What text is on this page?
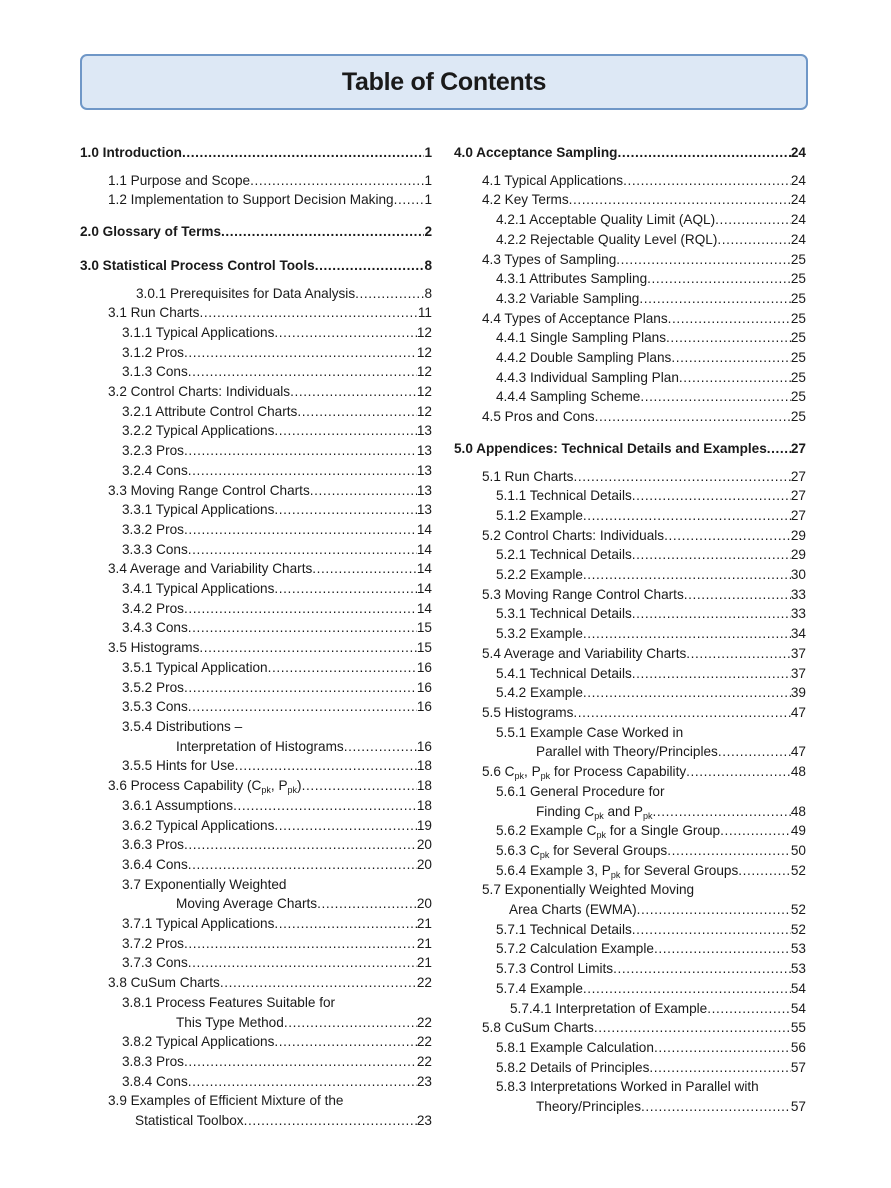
Table of Contents
1.0 Introduction .....	1
1.1 Purpose and Scope .....	1
1.2 Implementation to Support Decision Making ..... 1
2.0 Glossary of Terms .....	2
3.0 Statistical Process Control Tools .....	8
3.0.1 Prerequisites for Data Analysis .....	8
3.1 Run Charts .....	11
3.1.1 Typical Applications .....	12
3.1.2 Pros .....	12
3.1.3 Cons .....	12
3.2 Control Charts: Individuals .....	12
3.2.1 Attribute Control Charts .....	12
3.2.2 Typical Applications .....	13
3.2.3 Pros .....	13
3.2.4 Cons .....	13
3.3 Moving Range Control Charts .....	13
3.3.1 Typical Applications .....	13
3.3.2 Pros .....	14
3.3.3 Cons .....	14
3.4 Average and Variability Charts .....	14
3.4.1 Typical Applications .....	14
3.4.2 Pros .....	14
3.4.3 Cons .....	15
3.5 Histograms .....	15
3.5.1 Typical Application .....	16
3.5.2 Pros .....	16
3.5.3 Cons .....	16
3.5.4 Distributions –
Interpretation of Histograms .....	16
3.5.5 Hints for Use .....	18
3.6 Process Capability ($C_{pk}$, $P_{pk}$) .....	18
3.6.1 Assumptions .....	18
3.6.2 Typical Applications .....	19
3.6.3 Pros .....	20
3.6.4 Cons .....	20
3.7 Exponentially Weighted
Moving Average Charts .....	20
3.7.1 Typical Applications .....	21
3.7.2 Pros .....	21
3.7.3 Cons .....	21
3.8 CuSum Charts .....	22
3.8.1 Process Features Suitable for
This Type Method .....	22
3.8.2 Typical Applications .....	22
3.8.3 Pros .....	22
3.8.4 Cons .....	23
3.9 Examples of Efficient Mixture of the
Statistical Toolbox .....	23
4.0 Acceptance Sampling .....	24
4.1 Typical Applications .....	24
4.2 Key Terms .....	24
4.2.1 Acceptable Quality Limit (AQL) .....	24
4.2.2 Rejectable Quality Level (RQL) .....	24
4.3 Types of Sampling .....	25
4.3.1 Attributes Sampling .....	25
4.3.2 Variable Sampling .....	25
4.4 Types of Acceptance Plans .....	25
4.4.1 Single Sampling Plans .....	25
4.4.2 Double Sampling Plans .....	25
4.4.3 Individual Sampling Plan .....	25
4.4.4 Sampling Scheme .....	25
4.5 Pros and Cons .....	25
5.0 Appendices: Technical Details and Examples ..... 27
5.1 Run Charts .....	27
5.1.1 Technical Details .....	27
5.1.2 Example .....	27
5.2 Control Charts: Individuals .....	29
5.2.1 Technical Details .....	29
5.2.2 Example .....	30
5.3 Moving Range Control Charts .....	33
5.3.1 Technical Details .....	33
5.3.2 Example .....	34
5.4 Average and Variability Charts .....	37
5.4.1 Technical Details .....	37
5.4.2 Example .....	39
5.5 Histograms .....	47
5.5.1 Example Case Worked in
Parallel with Theory/Principles .....	47
5.6 $C_{pk}$, $P_{pk}$ for Process Capability .....	48
5.6.1 General Procedure for
Finding $C_{pk}$ and $P_{pk}$ .....	48
5.6.2 Example $C_{pk}$ for a Single Group .....	49
5.6.3 $C_{pk}$ for Several Groups .....	50
5.6.4 Example 3, $P_{pk}$ for Several Groups .....	52
5.7 Exponentially Weighted Moving
Area Charts (EWMA) .....	52
5.7.1 Technical Details .....	52
5.7.2 Calculation Example .....	53
5.7.3 Control Limits .....	53
5.7.4 Example .....	54
5.7.4.1 Interpretation of Example .....	54
5.8 CuSum Charts .....	55
5.8.1 Example Calculation .....	56
5.8.2 Details of Principles .....	57
5.8.3 Interpretations Worked in Parallel with
Theory/Principles .....	57
